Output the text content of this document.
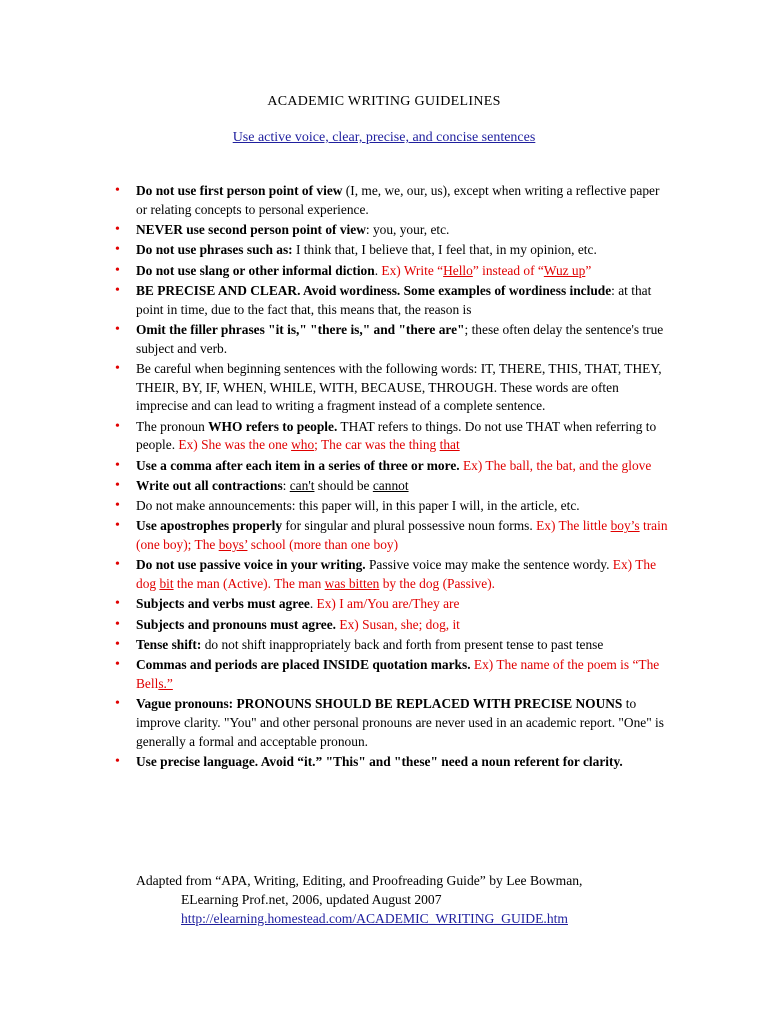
ACADEMIC WRITING GUIDELINES
Use active voice, clear, precise, and concise sentences
• Do not use first person point of view (I, me, we, our, us), except when writing a reflective paper or relating concepts to personal experience.
• NEVER use second person point of view: you, your, etc.
• Do not use phrases such as: I think that, I believe that, I feel that, in my opinion, etc.
• Do not use slang or other informal diction. Ex) Write “Hello” instead of “Wuz up”
• BE PRECISE AND CLEAR. Avoid wordiness. Some examples of wordiness include: at that point in time, due to the fact that, this means that, the reason is
• Omit the filler phrases "it is," "there is," and "there are"; these often delay the sentence's true subject and verb.
• Be careful when beginning sentences with the following words: IT, THERE, THIS, THAT, THEY, THEIR, BY, IF, WHEN, WHILE, WITH, BECAUSE, THROUGH. These words are often imprecise and can lead to writing a fragment instead of a complete sentence.
• The pronoun WHO refers to people. THAT refers to things. Do not use THAT when referring to people. Ex) She was the one who; The car was the thing that
• Use a comma after each item in a series of three or more. Ex) The ball, the bat, and the glove
• Write out all contractions: can't should be cannot
• Do not make announcements: this paper will, in this paper I will, in the article, etc.
• Use apostrophes properly for singular and plural possessive noun forms. Ex) The little boy’s train (one boy); The boys’ school (more than one boy)
• Do not use passive voice in your writing. Passive voice may make the sentence wordy. Ex) The dog bit the man (Active). The man was bitten by the dog (Passive).
• Subjects and verbs must agree. Ex) I am/You are/They are
• Subjects and pronouns must agree. Ex) Susan, she; dog, it
• Tense shift: do not shift inappropriately back and forth from present tense to past tense
• Commas and periods are placed INSIDE quotation marks. Ex) The name of the poem is “The Bells.”
• Vague pronouns: PRONOUNS SHOULD BE REPLACED WITH PRECISE NOUNS to improve clarity. "You" and other personal pronouns are never used in an academic report. "One" is generally a formal and acceptable pronoun.
• Use precise language. Avoid “it.” "This" and "these" need a noun referent for clarity.
Adapted from “APA, Writing, Editing, and Proofreading Guide” by Lee Bowman,
ELearning Prof.net, 2006, updated August 2007
http://elearning.homestead.com/ACADEMIC_WRITING_GUIDE.htm
